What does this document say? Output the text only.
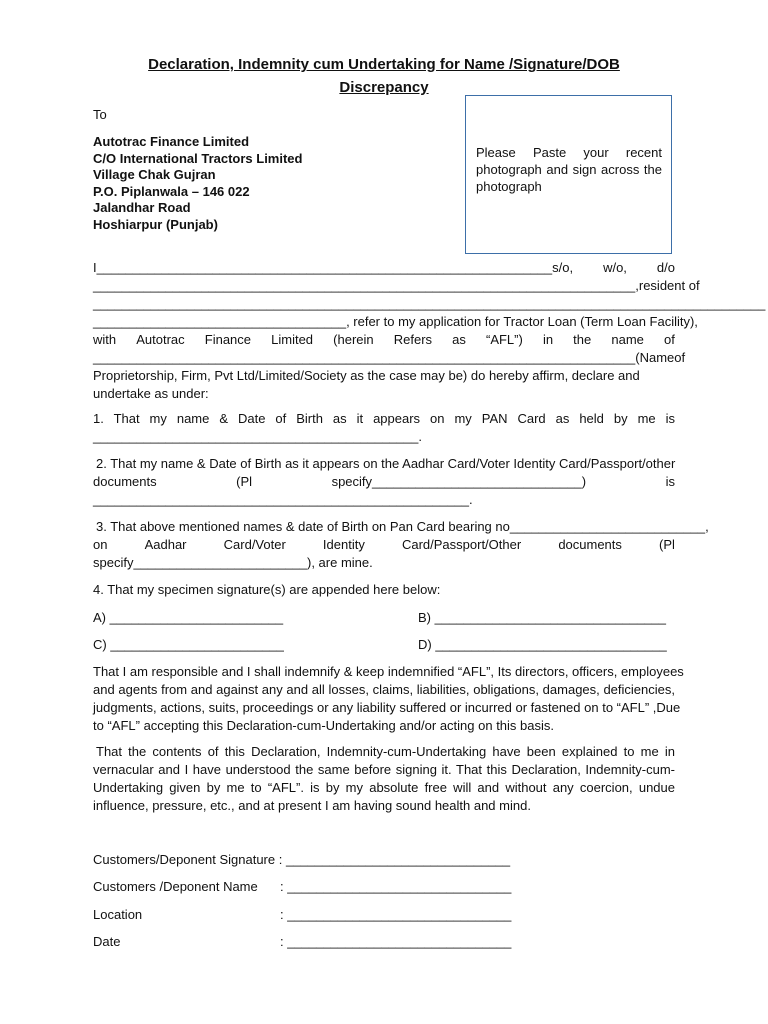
Declaration, Indemnity cum Undertaking for Name /Signature/DOB
Discrepancy
To
Autotrac Finance Limited
C/O International Tractors Limited
Village Chak Gujran
P.O. Piplanwala – 146 022
Jalandhar Road
Hoshiarpur (Punjab)
Please Paste your recent photograph and sign across the photograph
I_______________________________________________________________s/o, w/o, d/o
___________________________________________________________________________, resident of
_____________________________________________________________________________________________
___________________________________, refer to my application for Tractor Loan (Term Loan Facility),
with Autotrac Finance Limited (herein Refers as “AFL”) in the name of
___________________________________________________________________________(Name of
Proprietorship, Firm, Pvt Ltd/Limited/Society as the case may be) do hereby affirm, declare and
undertake as under:
1. That my name & Date of Birth as it appears on my PAN Card as held by me is
_____________________________________________.
2. That my name & Date of Birth as it appears on the Aadhar Card/Voter Identity Card/Passport/other
documents	(Pl	specify_____________________________)	is
____________________________________________________.
3. That above mentioned names & date of Birth on Pan Card bearing no ___________________________,
on	Aadhar	Card/Voter	Identity	Card/Passport/Other	documents	(Pl
specify________________________), are mine.
4. That my specimen signature(s) are appended here below:
A) ________________________	B) ________________________________
C) ________________________	D) ________________________________
That I am responsible and I shall indemnify & keep indemnified “AFL”, Its directors, officers, employees
and agents from and against any and all losses, claims, liabilities, obligations, damages, deficiencies,
judgments, actions, suits, proceedings or any liability suffered or incurred or fastened on to “AFL” ,Due
to “AFL” accepting this Declaration-cum-Undertaking and/or acting on this basis.
That the contents of this Declaration, Indemnity-cum-Undertaking have been explained to me in
vernacular and I have understood the same before signing it. That this Declaration, Indemnity-cum-
Undertaking given by me to “AFL”. is by my absolute free will and without any coercion, undue
influence, pressure, etc., and at present I am having sound health and mind.
Customers/Deponent Signature : _______________________________
Customers /Deponent Name : _______________________________
Location	: _______________________________
Date	: _______________________________
